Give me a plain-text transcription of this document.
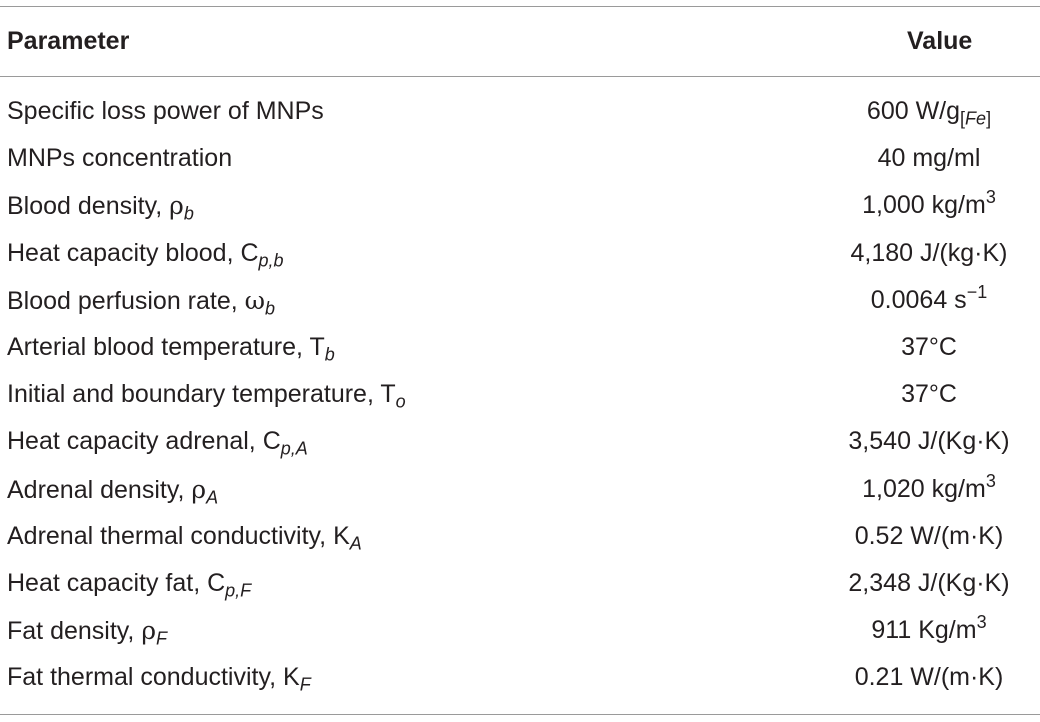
Parameter	Value
Specific loss power of MNPs	600 $W/g_{[Fe]}$
MNPs concentration	40 mg/ml
Blood density, $\rho_b$	1,000 $kg/m^3$
Heat capacity blood, $C_{p,b}$	4,180 J/(kg·K)
Blood perfusion rate, $\omega_b$	0.0064 $s^{-1}$
Arterial blood temperature, $T_b$	37°C
Initial and boundary temperature, $T_o$	37°C
Heat capacity adrenal, $C_{p,A}$	3,540 J/(Kg·K)
Adrenal density, $\rho_A$	1,020 $kg/m^3$
Adrenal thermal conductivity, $K_A$	0.52 W/(m·K)
Heat capacity fat, $C_{p,F}$	2,348 J/(Kg·K)
Fat density, $\rho_F$	911 $Kg/m^3$
Fat thermal conductivity, $K_F$	0.21 W/(m·K)
